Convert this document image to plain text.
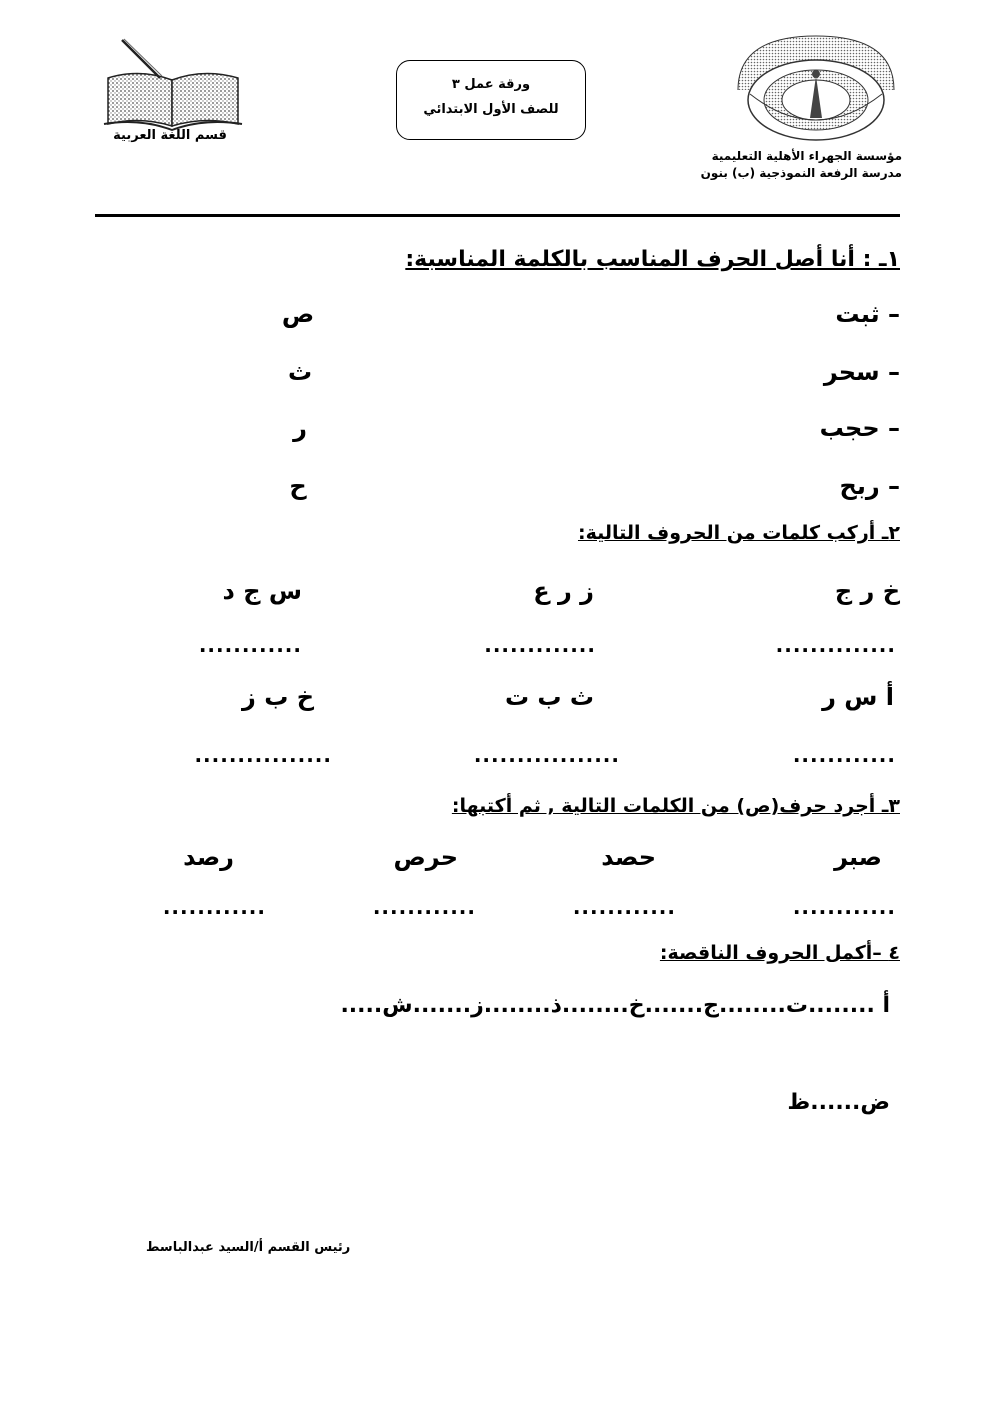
قسم اللغة العربية
ورقة عمل ٣
للصف الأول الابتدائي
مؤسسة الجهراء الأهلية التعليمية
مدرسة الرفعة النموذجية (ب) بنون
١ـ : أنا أصل الحرف المناسب بالكلمة المناسبة:
– ثبت
– سحر
– حجب
– ربح
ص
ث
ر
ح
٢ـ أركب كلمات من الحروف التالية:
خ ر ج
ز ر ع
س ج د
..............
.............
............
أ س ر
ث ب ت
خ ب ز
............
.................
................
٣ـ أجرد حرف(ص) من الكلمات التالية , ثم أكتبها:
صبر
حصد
حرص
رصد
............
............
............
............
٤ –أكمل الحروف الناقصة:
أ ........ت........ج.......خ........ذ........ز.......ش.....
ض......ظ
رئيس القسم أ/السيد عبدالباسط
